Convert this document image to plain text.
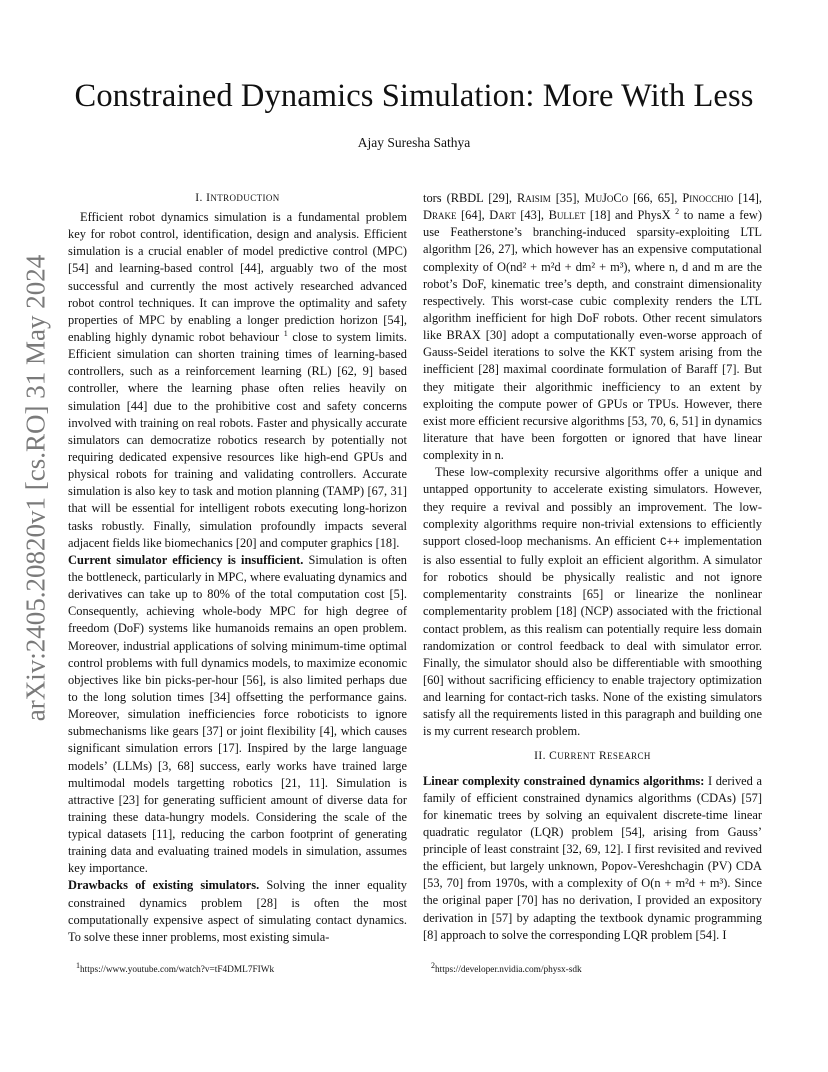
arXiv:2405.20820v1 [cs.RO] 31 May 2024
Constrained Dynamics Simulation: More With Less
Ajay Suresha Sathya
I. INTRODUCTION

Efficient robot dynamics simulation is a fundamental problem key for robot control, identification, design and analysis. Efficient simulation is a crucial enabler of model predictive control (MPC) [54] and learning-based control [44], arguably two of the most successful and currently the most actively researched advanced robot control techniques. It can improve the optimality and safety properties of MPC by enabling a longer prediction horizon [54], enabling highly dynamic robot behaviour $^1$ close to system limits. Efficient simulation can shorten training times of learning-based controllers, such as a reinforcement learning (RL) [62, 9] based controller, where the learning phase often relies heavily on simulation [44] due to the prohibitive cost and safety concerns involved with training on real robots. Faster and physically accurate simulators can democratize robotics research by potentially not requiring dedicated expensive resources like high-end GPUs and physical robots for training and validating controllers. Accurate simulation is also key to task and motion planning (TAMP) [67, 31] that will be essential for intelligent robots executing long-horizon tasks robustly. Finally, simulation profoundly impacts several adjacent fields like biomechanics [20] and computer graphics [18].

Current simulator efficiency is insufficient. Simulation is often the bottleneck, particularly in MPC, where evaluating dynamics and derivatives can take up to 80% of the total computation cost [5]. Consequently, achieving whole-body MPC for high degree of freedom (DoF) systems like humanoids remains an open problem. Moreover, industrial applications of solving minimum-time optimal control problems with full dynamics models, to maximize economic objectives like bin picks-per-hour [56], is also limited perhaps due to the long solution times [34] offsetting the performance gains. Moreover, simulation inefficiencies force roboticists to ignore submechanisms like gears [37] or joint flexibility [4], which causes significant simulation errors [17]. Inspired by the large language models’ (LLMs) [3, 68] success, early works have trained large multimodal models targetting robotics [21, 11]. Simulation is attractive [23] for generating sufficient amount of diverse data for training these data-hungry models. Considering the scale of the typical datasets [11], reducing the carbon footprint of generating training data and evaluating trained models in simulation, assumes key importance.

Drawbacks of existing simulators. Solving the inner equality constrained dynamics problem [28] is often the most computationally expensive aspect of simulating contact dynamics. To solve these inner problems, most existing simula-

tors (RBDL [29], Raisim [35], MuJoCo [66, 65], Pinocchio [14], Drake [64], Dart [43], Bullet [18] and PhysX $^2$ to name a few) use Featherstone’s branching-induced sparsity-exploiting LTL algorithm [26, 27], which however has an expensive computational complexity of O(nd² + m²d + dm² + m³), where n, d and m are the robot’s DoF, kinematic tree’s depth, and constraint dimensionality respectively. This worst-case cubic complexity renders the LTL algorithm inefficient for high DoF robots. Other recent simulators like BRAX [30] adopt a computationally even-worse approach of Gauss-Seidel iterations to solve the KKT system arising from the inefficient [28] maximal coordinate formulation of Baraff [7]. But they mitigate their algorithmic inefficiency to an extent by exploiting the compute power of GPUs or TPUs. However, there exist more efficient recursive algorithms [53, 70, 6, 51] in dynamics literature that have been forgotten or ignored that have linear complexity in n.

These low-complexity recursive algorithms offer a unique and untapped opportunity to accelerate existing simulators. However, they require a revival and possibly an improvement. The low-complexity algorithms require non-trivial extensions to efficiently support closed-loop mechanisms. An efficient C++ implementation is also essential to fully exploit an efficient algorithm. A simulator for robotics should be physically realistic and not ignore complementarity constraints [65] or linearize the nonlinear complementarity problem [18] (NCP) associated with the frictional contact problem, as this realism can potentially require less domain randomization or control feedback to deal with simulator error. Finally, the simulator should also be differentiable with smoothing [60] without sacrificing efficiency to enable trajectory optimization and learning for contact-rich tasks. None of the existing simulators satisfy all the requirements listed in this paragraph and building one is my current research problem.

II. CURRENT RESEARCH

Linear complexity constrained dynamics algorithms: I derived a family of efficient constrained dynamics algorithms (CDAs) [57] for kinematic trees by solving an equivalent discrete-time linear quadratic regulator (LQR) problem [54], arising from Gauss’ principle of least constraint [32, 69, 12]. I first revisited and revived the efficient, but largely unknown, Popov-Vereshchagin (PV) CDA [53, 70] from 1970s, with a complexity of O(n + m²d + m³). Since the original paper [70] has no derivation, I provided an expository derivation in [57] by adapting the textbook dynamic programming [8] approach to solve the corresponding LQR problem [54]. I

$^1$https://www.youtube.com/watch?v=tF4DML7FIWk	$^2$https://developer.nvidia.com/physx-sdk
